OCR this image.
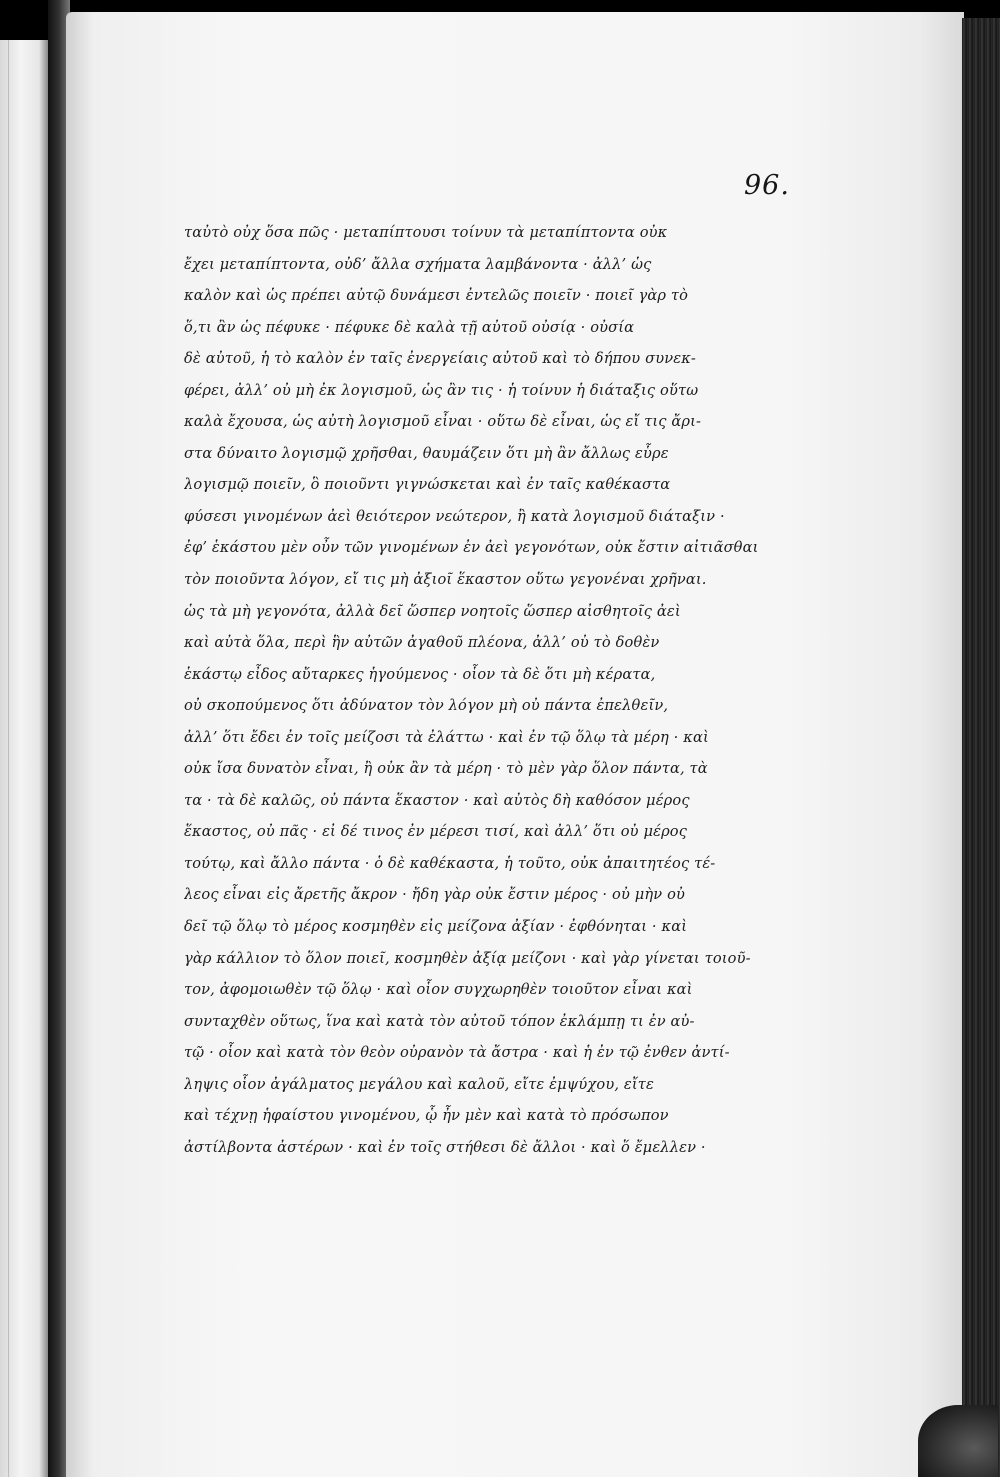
96.
ταὐτὸ οὐχ ὅσα πῶς · μεταπίπτουσι τοίνυν τὰ μεταπίπτοντα οὐκ
ἔχει μεταπίπτοντα, οὐδ’ ἄλλα σχήματα λαμβάνοντα · ἀλλ’ ὡς
καλὸν καὶ ὡς πρέπει αὐτῷ δυνάμεσι ἐντελῶς ποιεῖν · ποιεῖ γὰρ τὸ
ὅ,τι ἂν ὡς πέφυκε · πέφυκε δὲ καλὰ τῇ αὐτοῦ οὐσίᾳ · οὐσία
δὲ αὐτοῦ, ἡ τὸ καλὸν ἐν ταῖς ἐνεργείαις αὐτοῦ καὶ τὸ δήπου συνεκ-
φέρει, ἀλλ’ οὐ μὴ ἐκ λογισμοῦ, ὡς ἂν τις · ἡ τοίνυν ἡ διάταξις οὕτω
καλὰ ἔχουσα, ὡς αὐτὴ λογισμοῦ εἶναι · οὕτω δὲ εἶναι, ὡς εἴ τις ἄρι-
στα δύναιτο λογισμῷ χρῆσθαι, θαυμάζειν ὅτι μὴ ἂν ἄλλως εὗρε
λογισμῷ ποιεῖν, ὃ ποιοῦντι γιγνώσκεται καὶ ἐν ταῖς καθέκαστα
φύσεσι γινομένων ἀεὶ θειότερον νεώτερον, ἢ κατὰ λογισμοῦ διάταξιν ·
ἐφ’ ἑκάστου μὲν οὖν τῶν γινομένων ἐν ἀεὶ γεγονότων, οὐκ ἔστιν αἰτιᾶσθαι
τὸν ποιοῦντα λόγον, εἴ τις μὴ ἀξιοῖ ἕκαστον οὕτω γεγονέναι χρῆναι.
ὡς τὰ μὴ γεγονότα, ἀλλὰ δεῖ ὥσπερ νοητοῖς ὥσπερ αἰσθητοῖς ἀεὶ
καὶ αὐτὰ ὅλα, περὶ ἣν αὐτῶν ἀγαθοῦ πλέονα, ἀλλ’ οὐ τὸ δοθὲν
ἑκάστῳ εἶδος αὔταρκες ἡγούμενος · οἷον τὰ δὲ ὅτι μὴ κέρατα,
οὐ σκοπούμενος ὅτι ἀδύνατον τὸν λόγον μὴ οὐ πάντα ἐπελθεῖν,
ἀλλ’ ὅτι ἔδει ἐν τοῖς μείζοσι τὰ ἐλάττω · καὶ ἐν τῷ ὅλῳ τὰ μέρη · καὶ
οὐκ ἴσα δυνατὸν εἶναι, ἢ οὐκ ἂν τὰ μέρη · τὸ μὲν γὰρ ὅλον πάντα, τὰ
τα · τὰ δὲ καλῶς, οὐ πάντα ἕκαστον · καὶ αὐτὸς δὴ καθόσον μέρος
ἕκαστος, οὐ πᾶς · εἰ δέ τινος ἐν μέρεσι τισί, καὶ ἀλλ’ ὅτι οὐ μέρος
τούτῳ, καὶ ἄλλο πάντα · ὁ δὲ καθέκαστα, ἡ τοῦτο, οὐκ ἀπαιτητέος τέ-
λεος εἶναι εἰς ἄρετῆς ἄκρον · ἤδη γὰρ οὐκ ἔστιν μέρος · οὐ μὴν οὐ
δεῖ τῷ ὅλῳ τὸ μέρος κοσμηθὲν εἰς μείζονα ἀξίαν · ἐφθόνηται · καὶ
γὰρ κάλλιον τὸ ὅλον ποιεῖ, κοσμηθὲν ἀξίᾳ μείζονι · καὶ γὰρ γίνεται τοιοῦ-
τον, ἀφομοιωθὲν τῷ ὅλῳ · καὶ οἷον συγχωρηθὲν τοιοῦτον εἶναι καὶ
συνταχθὲν οὕτως, ἵνα καὶ κατὰ τὸν αὐτοῦ τόπον ἐκλάμπῃ τι ἐν αὐ-
τῷ · οἷον καὶ κατὰ τὸν θεὸν οὐρανὸν τὰ ἄστρα · καὶ ἡ ἐν τῷ ἐνθεν ἀντί-
ληψις οἷον ἀγάλματος μεγάλου καὶ καλοῦ, εἴτε ἐμψύχου, εἴτε
καὶ τέχνῃ ἡφαίστου γινομένου, ᾧ ἦν μὲν καὶ κατὰ τὸ πρόσωπον
ἀστίλβοντα ἀστέρων · καὶ ἐν τοῖς στήθεσι δὲ ἄλλοι · καὶ ὅ ἔμελλεν ·
